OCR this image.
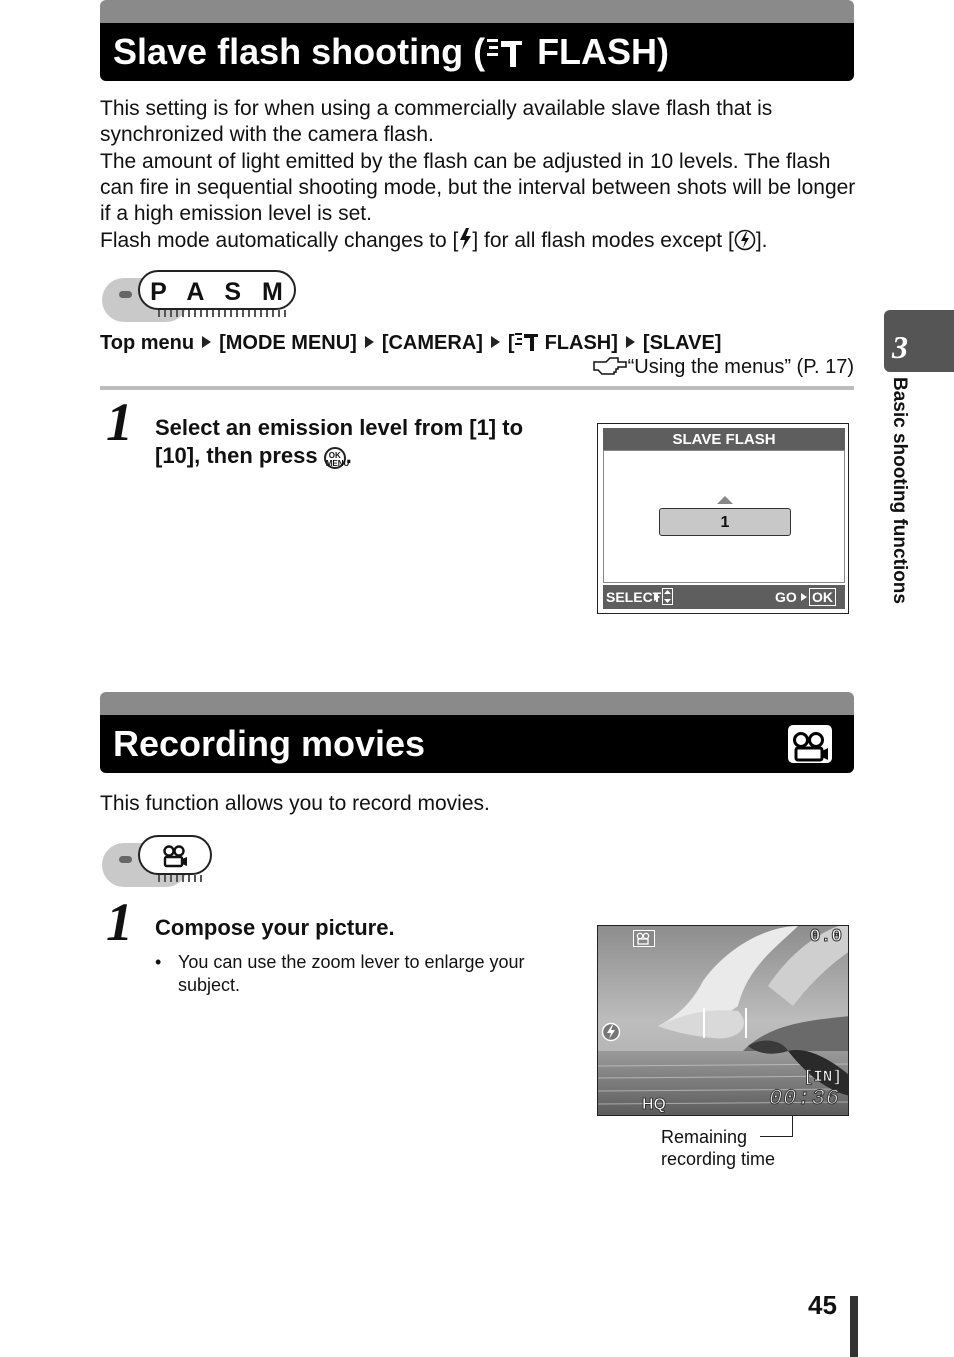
Slave flash shooting ( FLASH)

This setting is for when using a commercially available slave flash that is synchronized with the camera flash.

The amount of light emitted by the flash can be adjusted in 10 levels. The flash can fire in sequential shooting mode, but the interval between shots will be longer if a high emission level is set.

Flash mode automatically changes to [ ] for all flash modes except [ ].

P A S M
Top menu [MODE MENU] [CAMERA] [ FLASH] [SLAVE]
“Using the menus” (P. 17)
1 Select an emission level from [1] to [10], then press OK MENU.
SLAVE FLASH
1
SELECT	GO OK
3
Basic shooting functions
Recording movies
This function allows you to record movies.
1 Compose your picture.
• You can use the zoom lever to enlarge your subject.
0.0
[IN]
HQ	00:36
Remaining recording time
45
